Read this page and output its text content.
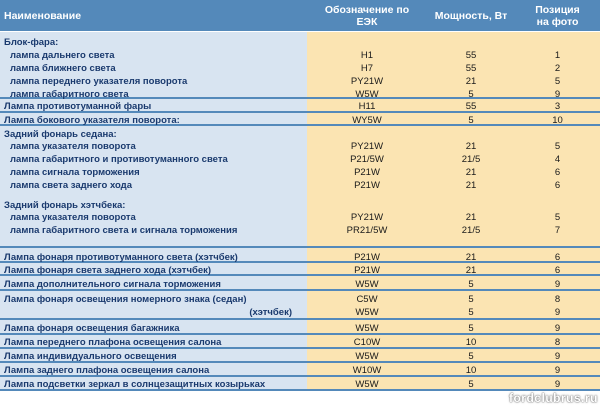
Наименование	Обозначение по ЕЭК	Мощность, Вт	Позиция на фото
Блок-фара:
лампа дальнего света	H1	55	1
лампа ближнего света	H7	55	2
лампа переднего указателя поворота	PY21W	21	5
лампа габаритного света	W5W	5	9
Лампа противотуманной фары	H11	55	3
Лампа бокового указателя поворота:	WY5W	5	10
Задний фонарь седана:
лампа указателя поворота	PY21W	21	5
лампа габаритного и противотуманного света	P21/5W	21/5	4
лампа сигнала торможения	P21W	21	6
лампа света заднего хода	P21W	21	6
Задний фонарь хэтчбека:
лампа указателя поворота	PY21W	21	5
лампа габаритного света и сигнала торможения	PR21/5W	21/5	7
Лампа фонаря противотуманного света (хэтчбек)	P21W	21	6
Лампа фонаря света заднего хода (хэтчбек)	P21W	21	6
Лампа дополнительного сигнала торможения	W5W	5	9
Лампа фонаря освещения номерного знака (седан)	C5W	5	8
(хэтчбек)	W5W	5	9
Лампа фонаря освещения багажника	W5W	5	9
Лампа переднего плафона освещения салона	C10W	10	8
Лампа индивидуального освещения	W5W	5	9
Лампа заднего плафона освещения салона	W10W	10	9
Лампа подсветки зеркал в солнцезащитных козырьках	W5W	5	9
fordclubrus.ru
